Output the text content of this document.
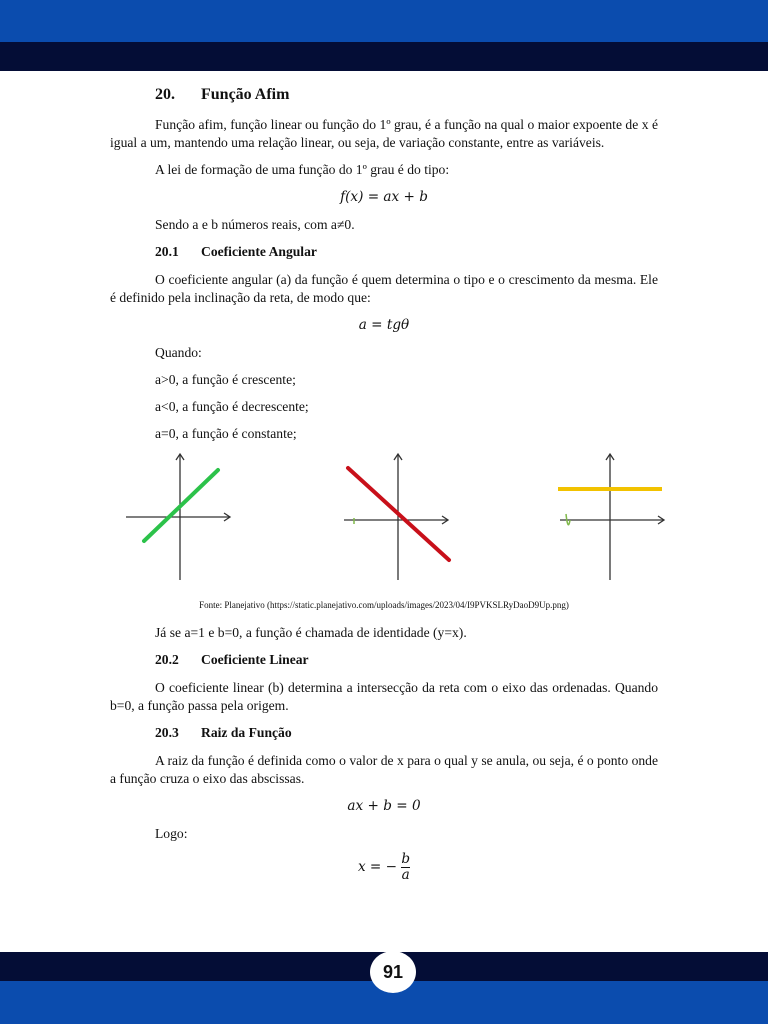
20.	Função Afim

Função afim, função linear ou função do 1º grau, é a função na qual o maior expoente de x é igual a um, mantendo uma relação linear, ou seja, de variação constante, entre as variáveis.

A lei de formação de uma função do 1º grau é do tipo:

f(x) = ax + b

Sendo a e b números reais, com a≠0.

20.1	Coeficiente Angular

O coeficiente angular (a) da função é quem determina o tipo e o crescimento da mesma. Ele é definido pela inclinação da reta, de modo que:

a = tgθ

Quando:

a>0, a função é crescente;

a<0, a função é decrescente;

a=0, a função é constante;

Fonte: Planejativo (https://static.planejativo.com/uploads/images/2023/04/I9PVKSLRyDaoD9Up.png)

Já se a=1 e b=0, a função é chamada de identidade (y=x).

20.2	Coeficiente Linear

O coeficiente linear (b) determina a intersecção da reta com o eixo das ordenadas. Quando b=0, a função passa pela origem.

20.3	Raiz da Função

A raiz da função é definida como o valor de x para o qual y se anula, ou seja, é o ponto onde a função cruza o eixo das abscissas.

ax + b = 0

Logo:

x = − $\frac{b}{a}$
91
